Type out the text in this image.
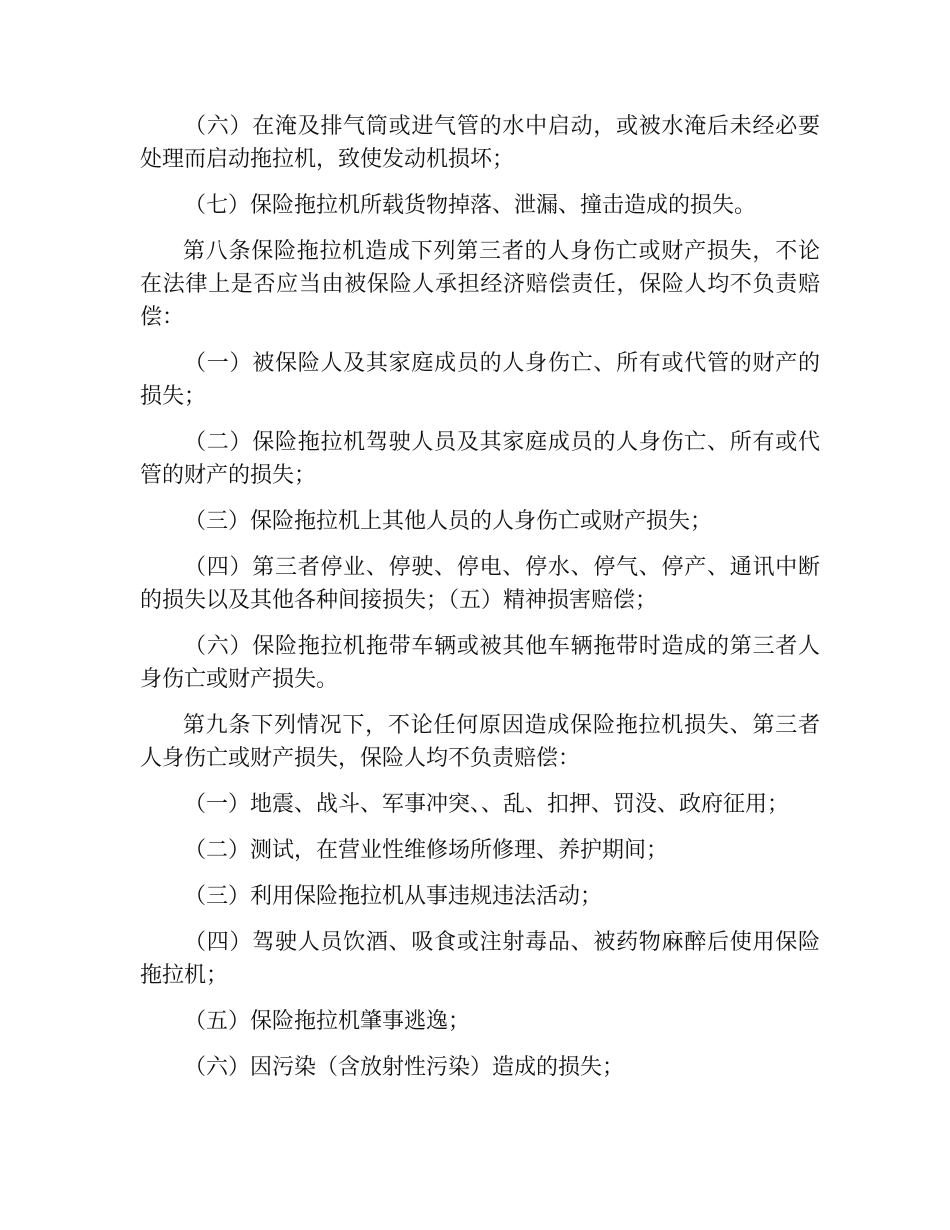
（六）在淹及排气筒或进气管的水中启动，或被水淹后未经必要处理而启动拖拉机，致使发动机损坏；

（七）保险拖拉机所载货物掉落、泄漏、撞击造成的损失。

第八条保险拖拉机造成下列第三者的人身伤亡或财产损失，不论在法律上是否应当由被保险人承担经济赔偿责任，保险人均不负责赔偿：

（一）被保险人及其家庭成员的人身伤亡、所有或代管的财产的损失；

（二）保险拖拉机驾驶人员及其家庭成员的人身伤亡、所有或代管的财产的损失；

（三）保险拖拉机上其他人员的人身伤亡或财产损失；

（四）第三者停业、停驶、停电、停水、停气、停产、通讯中断的损失以及其他各种间接损失；（五）精神损害赔偿；

（六）保险拖拉机拖带车辆或被其他车辆拖带时造成的第三者人身伤亡或财产损失。

第九条下列情况下，不论任何原因造成保险拖拉机损失、第三者人身伤亡或财产损失，保险人均不负责赔偿：

（一）地震、战斗、军事冲突、、乱、扣押、罚没、政府征用；

（二）测试，在营业性维修场所修理、养护期间；

（三）利用保险拖拉机从事违规违法活动；

（四）驾驶人员饮酒、吸食或注射毒品、被药物麻醉后使用保险拖拉机；

（五）保险拖拉机肇事逃逸；

（六）因污染（含放射性污染）造成的损失；
